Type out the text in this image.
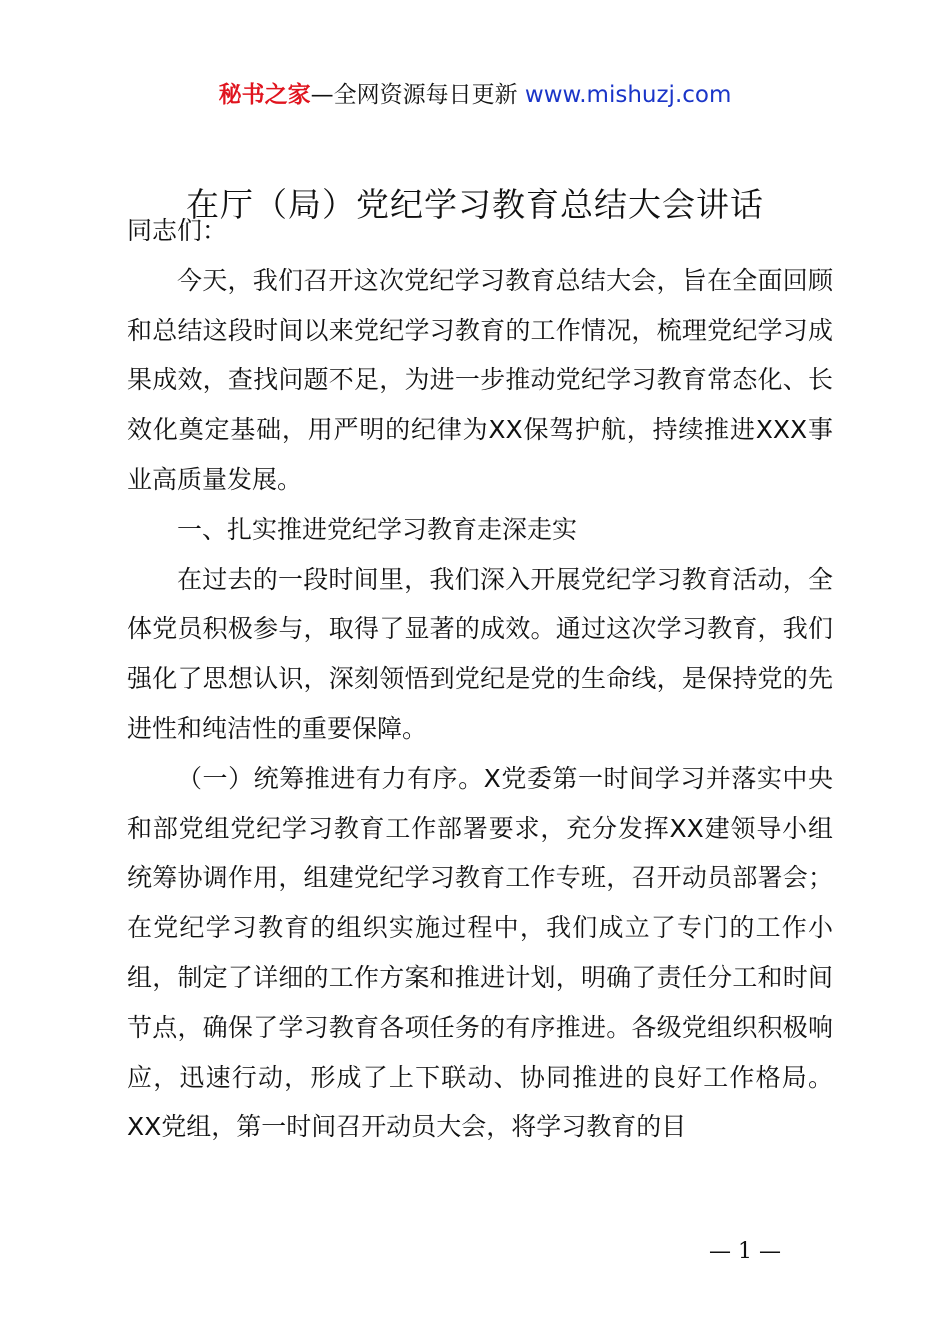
秘书之家—全网资源每日更新 www.mishuzj.com
在厅（局）党纪学习教育总结大会讲话

同志们：

今天，我们召开这次党纪学习教育总结大会，旨在全面回顾和总结这段时间以来党纪学习教育的工作情况，梳理党纪学习成果成效，查找问题不足，为进一步推动党纪学习教育常态化、长效化奠定基础，用严明的纪律为XX保驾护航，持续推进XXX事业高质量发展。

一、扎实推进党纪学习教育走深走实

在过去的一段时间里，我们深入开展党纪学习教育活动，全体党员积极参与，取得了显著的成效。通过这次学习教育，我们强化了思想认识，深刻领悟到党纪是党的生命线，是保持党的先进性和纯洁性的重要保障。

（一）统筹推进有力有序。X党委第一时间学习并落实中央和部党组党纪学习教育工作部署要求，充分发挥XX建领导小组统筹协调作用，组建党纪学习教育工作专班，召开动员部署会；在党纪学习教育的组织实施过程中，我们成立了专门的工作小组，制定了详细的工作方案和推进计划，明确了责任分工和时间节点，确保了学习教育各项任务的有序推进。各级党组织积极响应，迅速行动，形成了上下联动、协同推进的良好工作格局。XX党组，第一时间召开动员大会，将学习教育的目

— 1 —
